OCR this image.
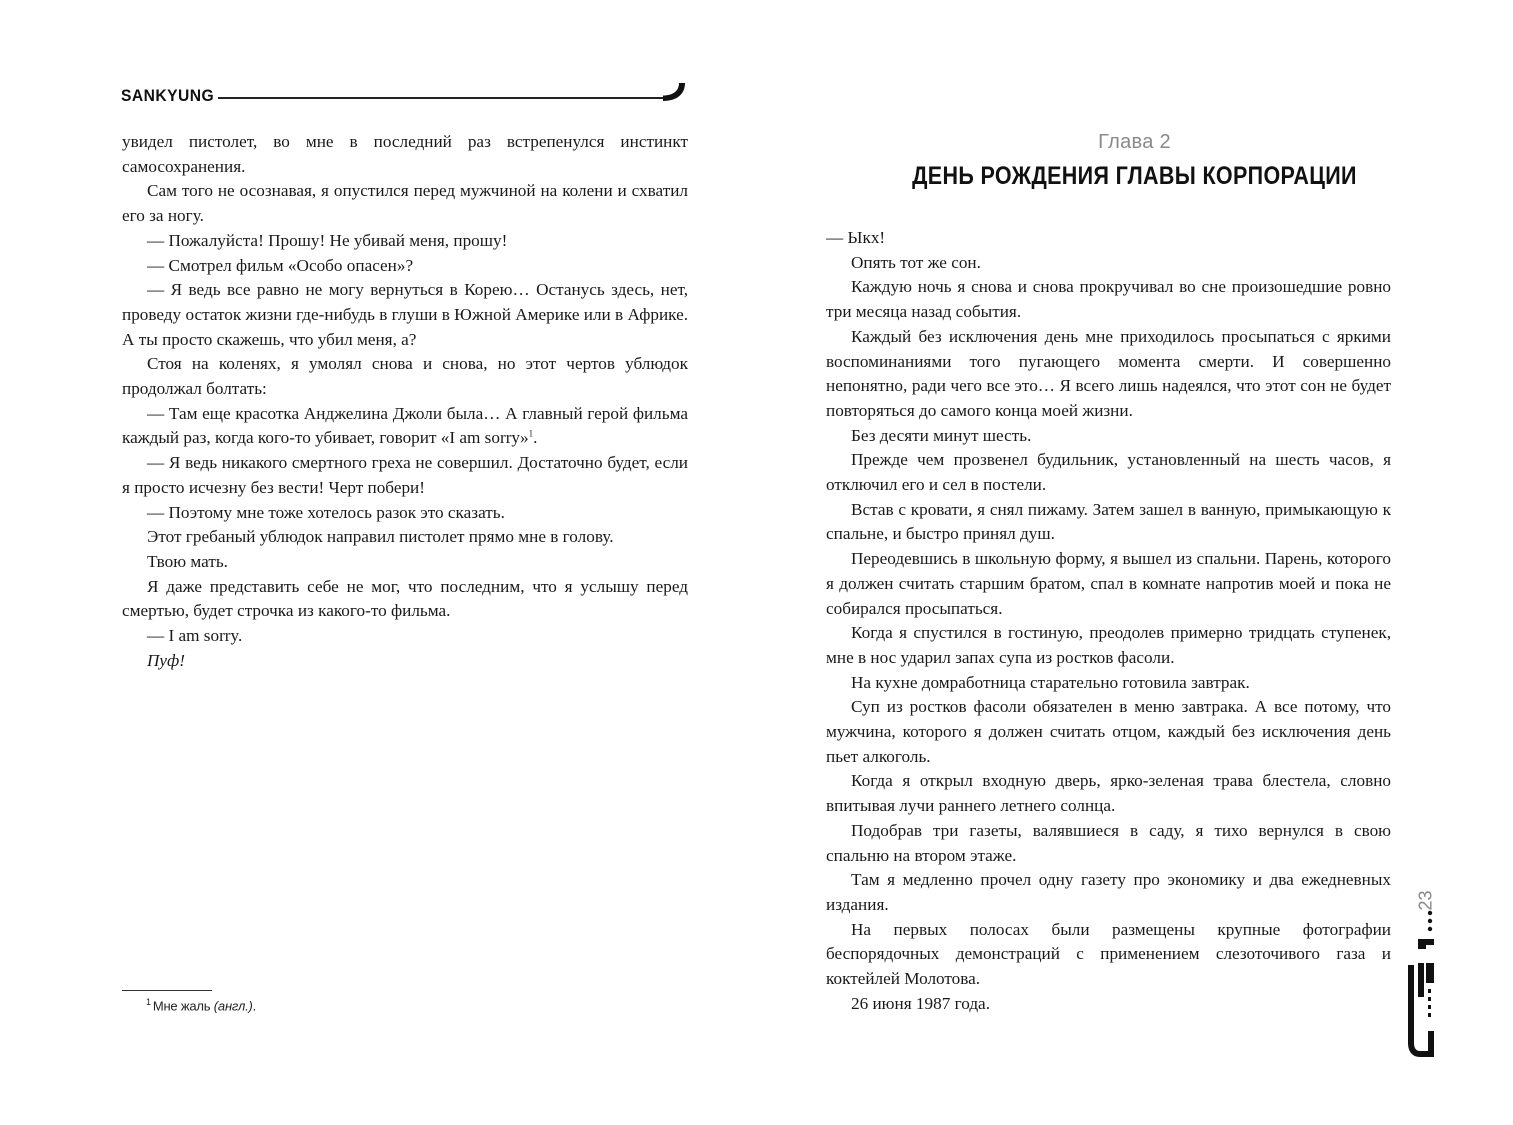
SANKYUNG

увидел пистолет, во мне в последний раз встрепенулся инстинкт самосохранения.

Сам того не осознавая, я опустился перед мужчиной на колени и схватил его за ногу.

— Пожалуйста! Прошу! Не убивай меня, прошу!

— Смотрел фильм «Особо опасен»?

— Я ведь все равно не могу вернуться в Корею… Останусь здесь, нет, проведу остаток жизни где-нибудь в глуши в Южной Америке или в Африке. А ты просто скажешь, что убил меня, а?

Стоя на коленях, я умолял снова и снова, но этот чертов ублюдок продолжал болтать:

— Там еще красотка Анджелина Джоли была… А главный герой фильма каждый раз, когда кого-то убивает, говорит «I am sorry»$^1$.

— Я ведь никакого смертного греха не совершил. Достаточно будет, если я просто исчезну без вести! Черт побери!

— Поэтому мне тоже хотелось разок это сказать.

Этот гребаный ублюдок направил пистолет прямо мне в голову.

Твою мать.

Я даже представить себе не мог, что последним, что я услышу перед смертью, будет строчка из какого-то фильма.

— I am sorry.

Пуф!

$^1$ Мне жаль (англ.).
Глава 2
ДЕНЬ РОЖДЕНИЯ ГЛАВЫ КОРПОРАЦИИ

— Ыкх!

Опять тот же сон.

Каждую ночь я снова и снова прокручивал во сне произошедшие ровно три месяца назад события.

Каждый без исключения день мне приходилось просыпаться с яркими воспоминаниями того пугающего момента смерти. И совершенно непонятно, ради чего все это… Я всего лишь надеялся, что этот сон не будет повторяться до самого конца моей жизни.

Без десяти минут шесть.

Прежде чем прозвенел будильник, установленный на шесть часов, я отключил его и сел в постели.

Встав с кровати, я снял пижаму. Затем зашел в ванную, примыкающую к спальне, и быстро принял душ.

Переодевшись в школьную форму, я вышел из спальни. Парень, которого я должен считать старшим братом, спал в комнате напротив моей и пока не собирался просыпаться.

Когда я спустился в гостиную, преодолев примерно тридцать ступенек, мне в нос ударил запах супа из ростков фасоли.

На кухне домработница старательно готовила завтрак.

Суп из ростков фасоли обязателен в меню завтрака. А все потому, что мужчина, которого я должен считать отцом, каждый без исключения день пьет алкоголь.

Когда я открыл входную дверь, ярко-зеленая трава блестела, словно впитывая лучи раннего летнего солнца.

Подобрав три газеты, валявшиеся в саду, я тихо вернулся в свою спальню на втором этаже.

Там я медленно прочел одну газету про экономику и два ежедневных издания.

На первых полосах были размещены крупные фотографии беспорядочных демонстраций с применением слезоточивого газа и коктейлей Молотова.

26 июня 1987 года.

23
